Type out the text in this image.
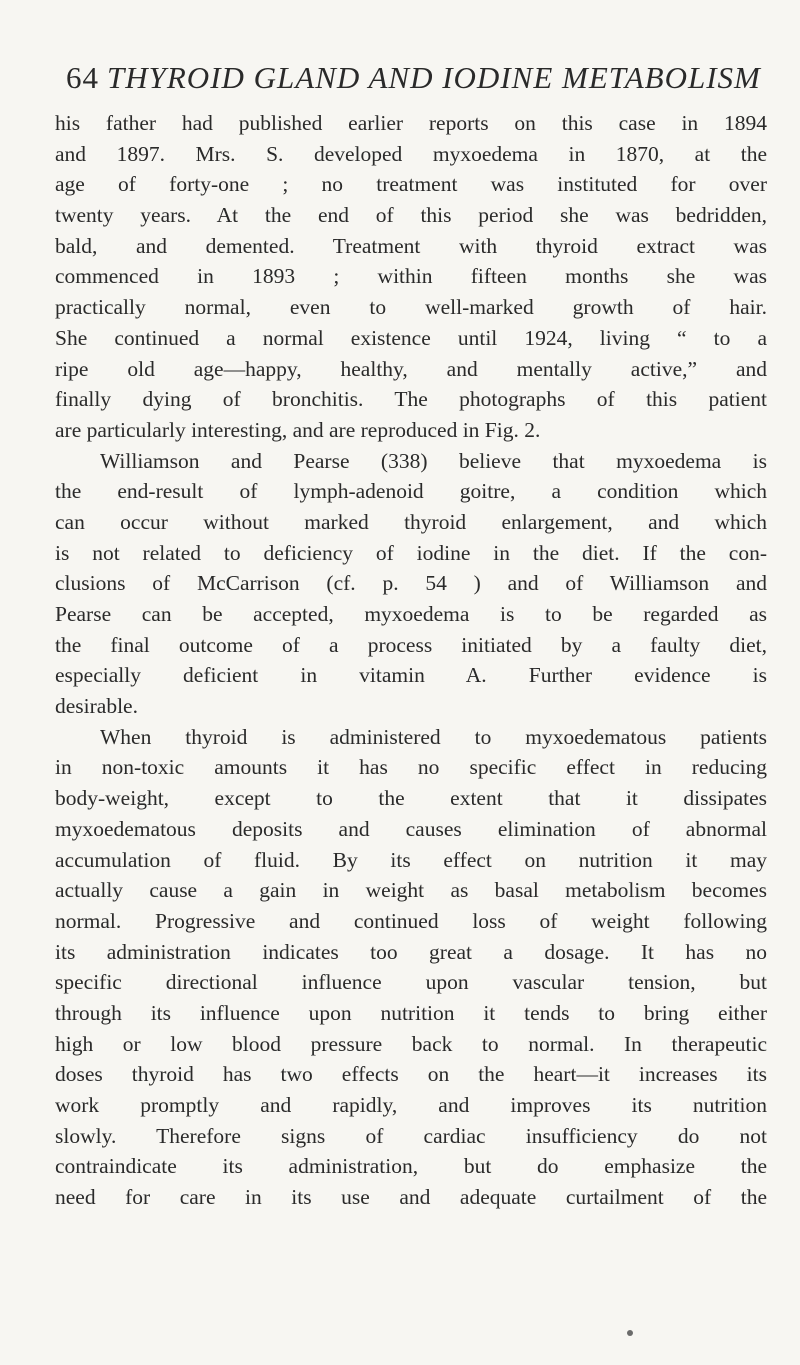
64 THYROID GLAND AND IODINE METABOLISM
his father had published earlier reports on this case in 1894
and 1897. Mrs. S. developed myxoedema in 1870, at the
age of forty-one ; no treatment was instituted for over
twenty years. At the end of this period she was bedridden,
bald, and demented. Treatment with thyroid extract was
commenced in 1893 ; within fifteen months she was
practically normal, even to well-marked growth of hair.
She continued a normal existence until 1924, living “ to a
ripe old age—happy, healthy, and mentally active,” and
finally dying of bronchitis. The photographs of this patient
are particularly interesting, and are reproduced in Fig. 2.
Williamson and Pearse (338) believe that myxoedema is
the end-result of lymph-adenoid goitre, a condition which
can occur without marked thyroid enlargement, and which
is not related to deficiency of iodine in the diet. If the con-
clusions of McCarrison (cf. p. 54 ) and of Williamson and
Pearse can be accepted, myxoedema is to be regarded as
the final outcome of a process initiated by a faulty diet,
especially deficient in vitamin A. Further evidence is
desirable.
When thyroid is administered to myxoedematous patients
in non-toxic amounts it has no specific effect in reducing
body-weight, except to the extent that it dissipates
myxoedematous deposits and causes elimination of abnormal
accumulation of fluid. By its effect on nutrition it may
actually cause a gain in weight as basal metabolism becomes
normal. Progressive and continued loss of weight following
its administration indicates too great a dosage. It has no
specific directional influence upon vascular tension, but
through its influence upon nutrition it tends to bring either
high or low blood pressure back to normal. In therapeutic
doses thyroid has two effects on the heart—it increases its
work promptly and rapidly, and improves its nutrition
slowly. Therefore signs of cardiac insufficiency do not
contraindicate its administration, but do emphasize the
need for care in its use and adequate curtailment of the
